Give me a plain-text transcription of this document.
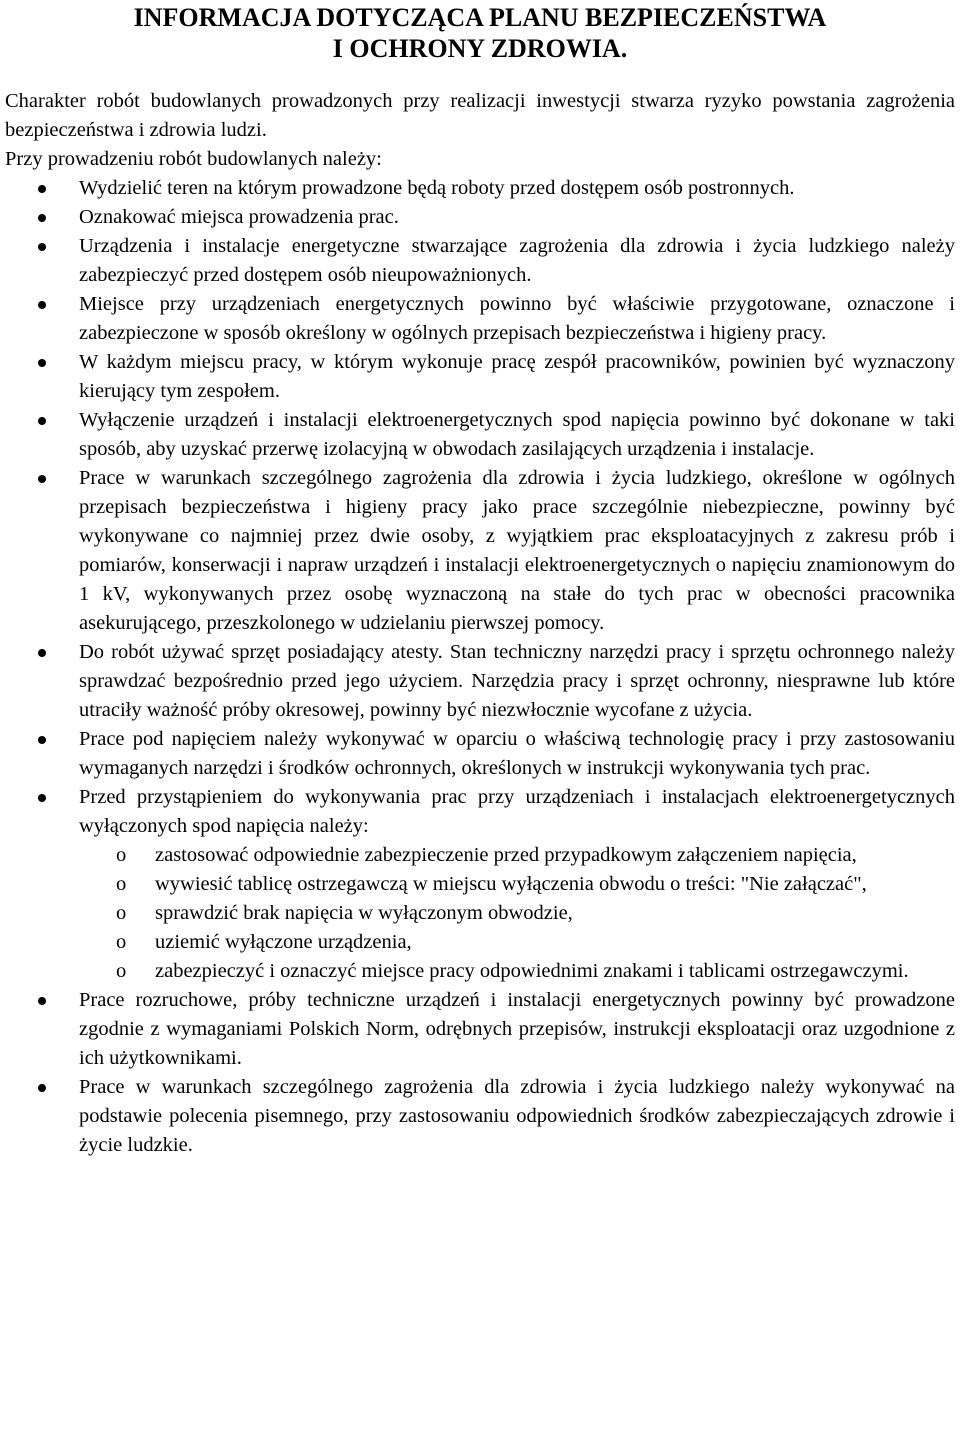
INFORMACJA DOTYCZĄCA PLANU BEZPIECZEŃSTWA
I OCHRONY ZDROWIA.

Charakter robót budowlanych prowadzonych przy realizacji inwestycji stwarza ryzyko powstania zagrożenia bezpieczeństwa i zdrowia ludzi.

Przy prowadzeniu robót budowlanych należy:

Wydzielić teren na którym prowadzone będą roboty przed dostępem osób postronnych.
Oznakować miejsca prowadzenia prac.
Urządzenia i instalacje energetyczne stwarzające zagrożenia dla zdrowia i życia ludzkiego należy zabezpieczyć przed dostępem osób nieupoważnionych.
Miejsce przy urządzeniach energetycznych powinno być właściwie przygotowane, oznaczone i zabezpieczone w sposób określony w ogólnych przepisach bezpieczeństwa i higieny pracy.
W każdym miejscu pracy, w którym wykonuje pracę zespół pracowników, powinien być wyznaczony kierujący tym zespołem.
Wyłączenie urządzeń i instalacji elektroenergetycznych spod napięcia powinno być dokonane w taki sposób, aby uzyskać przerwę izolacyjną w obwodach zasilających urządzenia i instalacje.
Prace w warunkach szczególnego zagrożenia dla zdrowia i życia ludzkiego, określone w ogólnych przepisach bezpieczeństwa i higieny pracy jako prace szczególnie niebezpieczne, powinny być wykonywane co najmniej przez dwie osoby, z wyjątkiem prac eksploatacyjnych z zakresu prób i pomiarów, konserwacji i napraw urządzeń i instalacji elektroenergetycznych o napięciu znamionowym do 1 kV, wykonywanych przez osobę wyznaczoną na stałe do tych prac w obecności pracownika asekurującego, przeszkolonego w udzielaniu pierwszej pomocy.
Do robót używać sprzęt posiadający atesty. Stan techniczny narzędzi pracy i sprzętu ochronnego należy sprawdzać bezpośrednio przed jego użyciem. Narzędzia pracy i sprzęt ochronny, niesprawne lub które utraciły ważność próby okresowej, powinny być niezwłocznie wycofane z użycia.
Prace pod napięciem należy wykonywać w oparciu o właściwą technologię pracy i przy zastosowaniu wymaganych narzędzi i środków ochronnych, określonych w instrukcji wykonywania tych prac.
Przed przystąpieniem do wykonywania prac przy urządzeniach i instalacjach elektroenergetycznych wyłączonych spod napięcia należy:
o zastosować odpowiednie zabezpieczenie przed przypadkowym załączeniem napięcia,
o wywiesić tablicę ostrzegawczą w miejscu wyłączenia obwodu o treści: "Nie załączać",
o sprawdzić brak napięcia w wyłączonym obwodzie,
o uziemić wyłączone urządzenia,
o zabezpieczyć i oznaczyć miejsce pracy odpowiednimi znakami i tablicami ostrzegawczymi.
Prace rozruchowe, próby techniczne urządzeń i instalacji energetycznych powinny być prowadzone zgodnie z wymaganiami Polskich Norm, odrębnych przepisów, instrukcji eksploatacji oraz uzgodnione z ich użytkownikami.
Prace w warunkach szczególnego zagrożenia dla zdrowia i życia ludzkiego należy wykonywać na podstawie polecenia pisemnego, przy zastosowaniu odpowiednich środków zabezpieczających zdrowie i życie ludzkie.
